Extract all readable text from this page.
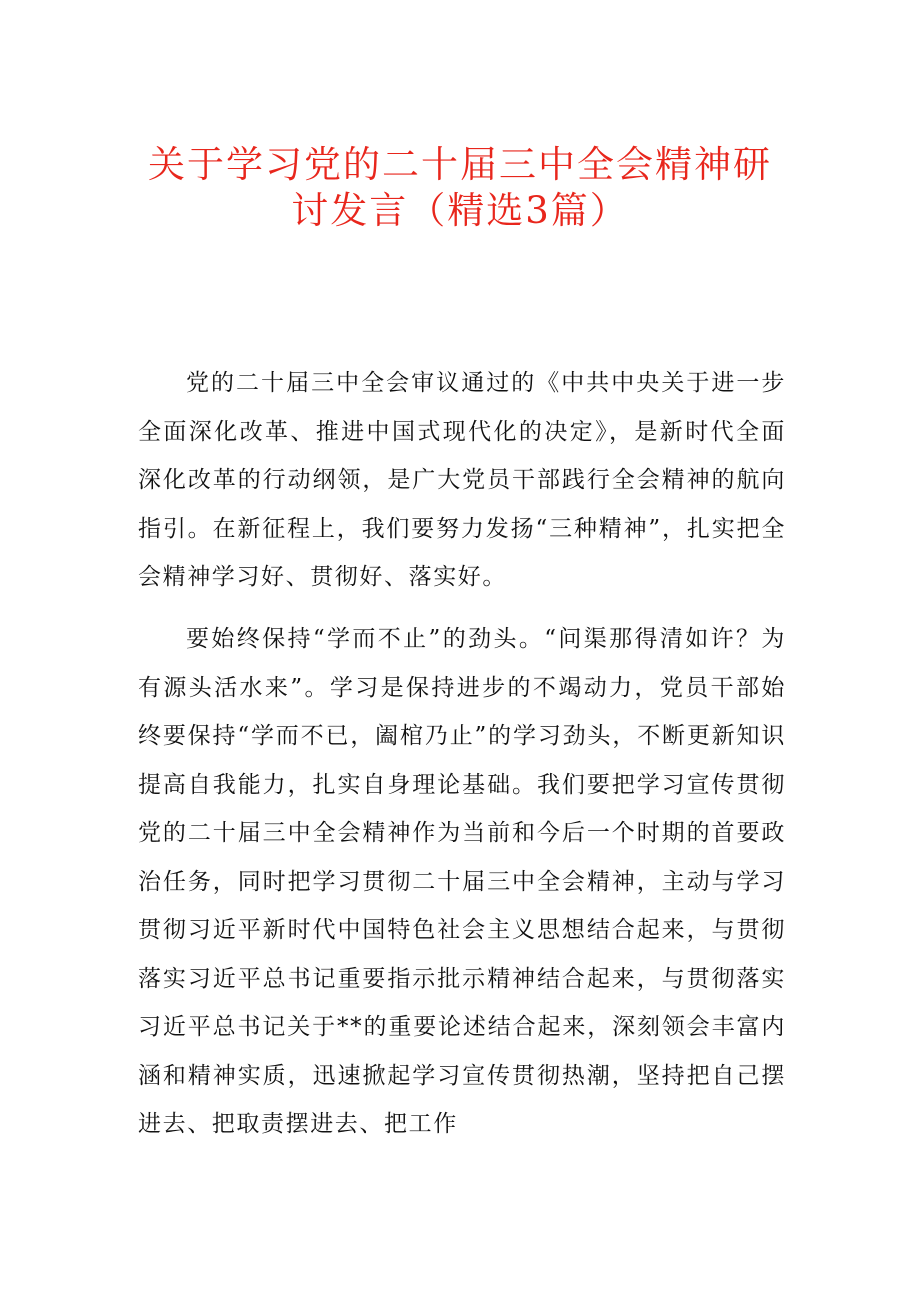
关于学习党的二十届三中全会精神研
讨发言（精选3篇）

党的二十届三中全会审议通过的《中共中央关于进一步全面深化改革、推进中国式现代化的决定》，是新时代全面深化改革的行动纲领，是广大党员干部践行全会精神的航向指引。在新征程上，我们要努力发扬“三种精神”，扎实把全会精神学习好、贯彻好、落实好。

要始终保持“学而不止”的劲头。“问渠那得清如许？为有源头活水来”。学习是保持进步的不竭动力，党员干部始终要保持“学而不已，阖棺乃止”的学习劲头，不断更新知识提高自我能力，扎实自身理论基础。我们要把学习宣传贯彻党的二十届三中全会精神作为当前和今后一个时期的首要政治任务，同时把学习贯彻二十届三中全会精神，主动与学习贯彻习近平新时代中国特色社会主义思想结合起来，与贯彻落实习近平总书记重要指示批示精神结合起来，与贯彻落实习近平总书记关于**的重要论述结合起来，深刻领会丰富内涵和精神实质，迅速掀起学习宣传贯彻热潮，坚持把自己摆进去、把取责摆进去、把工作
